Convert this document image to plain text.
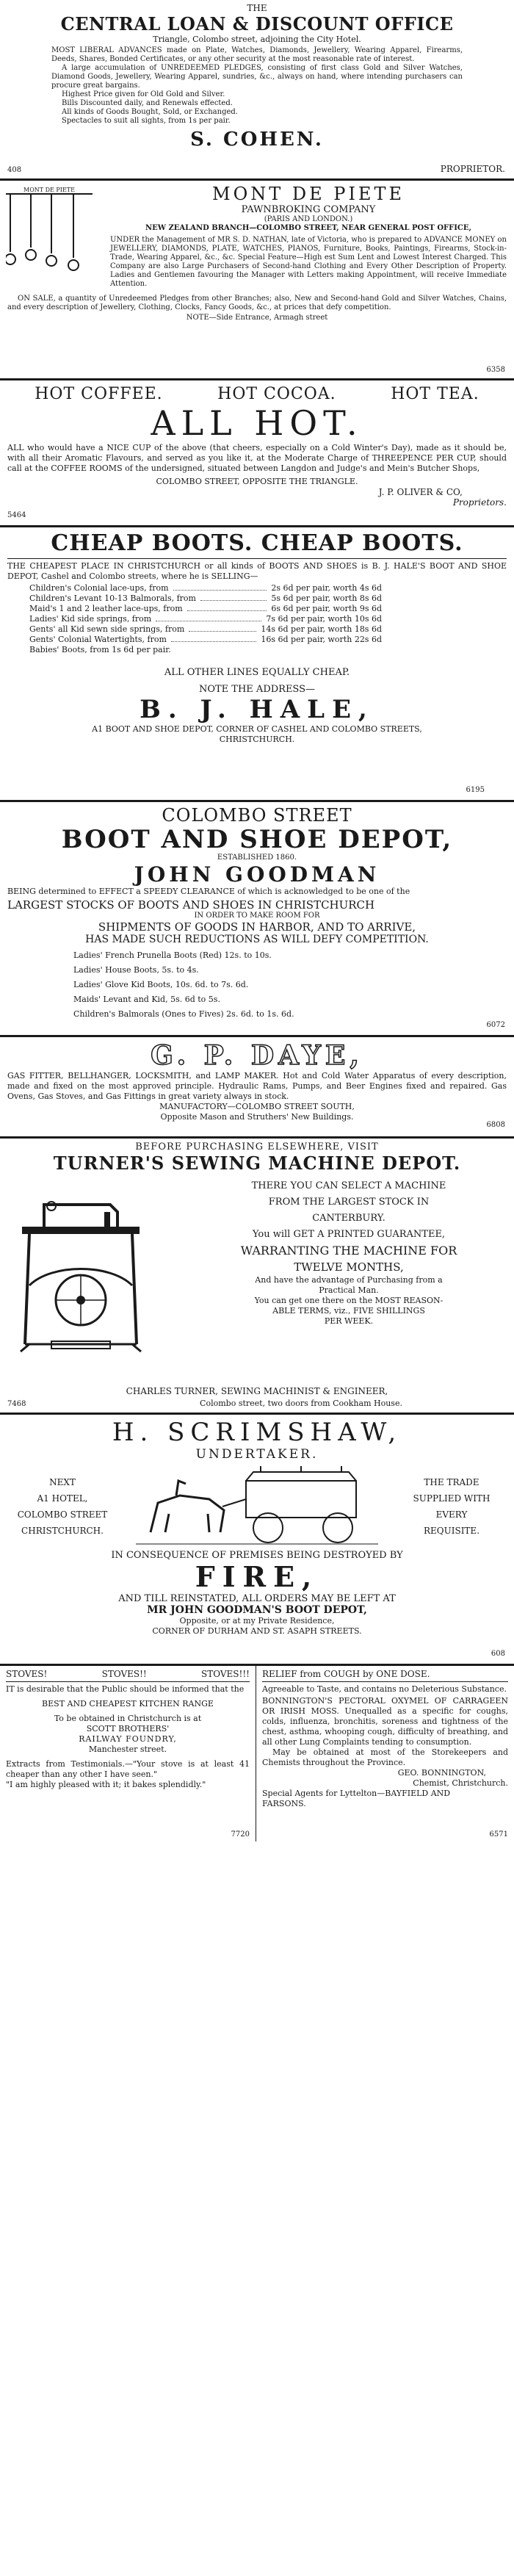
THE
CENTRAL LOAN & DISCOUNT OFFICE
Triangle, Colombo street, adjoining the City Hotel.

MOST LIBERAL ADVANCES made on Plate, Watches, Diamonds, Jewellery, Wearing Apparel, Firearms, Deeds, Shares, Bonded Certificates, or any other security at the most reasonable rate of interest.

A large accumulation of UNREDEEMED PLEDGES, consisting of first class Gold and Silver Watches, Diamond Goods, Jewellery, Wearing Apparel, sundries, &c., always on hand, where intending purchasers can procure great bargains.

Highest Price given for Old Gold and Silver.

Bills Discounted daily, and Renewals effected.

All kinds of Goods Bought, Sold, or Exchanged.

Spectacles to suit all sights, from 1s per pair.

S. COHEN.
408	PROPRIETOR.
MONT DE PIETE	MONT DE PIETE
PAWNBROKING COMPANY
(PARIS AND LONDON.)
NEW ZEALAND BRANCH—COLOMBO STREET, NEAR GENERAL POST OFFICE,

UNDER the Management of MR S. D. NATHAN, late of Victoria, who is prepared to ADVANCE MONEY on JEWELLERY, DIAMONDS, PLATE, WATCHES, PIANOS, Furniture, Books, Paintings, Firearms, Stock-in-Trade, Wearing Apparel, &c., &c. Special Feature—High est Sum Lent and Lowest Interest Charged. This Company are also Large Purchasers of Second-hand Clothing and Every Other Description of Property. Ladies and Gentlemen favouring the Manager with Letters making Appointment, will receive Immediate Attention.

ON SALE, a quantity of Unredeemed Pledges from other Branches; also, New and Second-hand Gold and Silver Watches, Chains, and every description of Jewellery, Clothing, Clocks, Fancy Goods, &c., at prices that defy competition.

NOTE—Side Entrance, Armagh street
6358
HOT COFFEE.	HOT COCOA.	HOT TEA.
ALL HOT.

ALL who would have a NICE CUP of the above (that cheers, especially on a Cold Winter's Day), made as it should be, with all their Aromatic Flavours, and served as you like it, at the Moderate Charge of THREEPENCE PER CUP, should call at the COFFEE ROOMS of the undersigned, situated between Langdon and Judge's and Mein's Butcher Shops,

COLOMBO STREET, OPPOSITE THE TRIANGLE.
J. P. OLIVER & CO,
Proprietors.
5464
CHEAP BOOTS. CHEAP BOOTS.

THE CHEAPEST PLACE IN CHRISTCHURCH or all kinds of BOOTS AND SHOES is B. J. HALE'S BOOT AND SHOE DEPOT, Cashel and Colombo streets, where he is SELLING—

Children's Colonial lace-ups, from	2s 6d per pair, worth 4s 6d
Children's Levant 10-13 Balmorals, from	5s 6d per pair, worth 8s 6d
Maid's 1 and 2 leather lace-ups, from	6s 6d per pair, worth 9s 6d
Ladies' Kid side springs, from	7s 6d per pair, worth 10s 6d
Gents' all Kid sewn side springs, from	14s 6d per pair, worth 18s 6d
Gents' Colonial Watertights, from	16s 6d per pair, worth 22s 6d
Babies' Boots, from 1s 6d per pair.
ALL OTHER LINES EQUALLY CHEAP.
NOTE THE ADDRESS—
B. J. HALE,
A1 BOOT AND SHOE DEPOT, CORNER OF CASHEL AND COLOMBO STREETS,
CHRISTCHURCH.
6195
COLOMBO STREET
BOOT AND SHOE DEPOT,
ESTABLISHED 1860.
JOHN GOODMAN

BEING determined to EFFECT a SPEEDY CLEARANCE of which is acknowledged to be one of the

LARGEST STOCKS OF BOOTS AND SHOES IN CHRISTCHURCH
IN ORDER TO MAKE ROOM FOR
SHIPMENTS OF GOODS IN HARBOR, AND TO ARRIVE,
HAS MADE SUCH REDUCTIONS AS WILL DEFY COMPETITION.
Ladies' French Prunella Boots (Red) 12s. to 10s.
Ladies' House Boots, 5s. to 4s.
Ladies' Glove Kid Boots, 10s. 6d. to 7s. 6d.
Maids' Levant and Kid, 5s. 6d to 5s.
Children's Balmorals (Ones to Fives) 2s. 6d. to 1s. 6d.
6072
G. P. DAYE,

GAS FITTER, BELLHANGER, LOCKSMITH, and LAMP MAKER. Hot and Cold Water Apparatus of every description, made and fixed on the most approved principle. Hydraulic Rams, Pumps, and Beer Engines fixed and repaired. Gas Ovens, Gas Stoves, and Gas Fittings in great variety always in stock.

MANUFACTORY—COLOMBO STREET SOUTH,
Opposite Mason and Struthers' New Buildings.
6808
BEFORE PURCHASING ELSEWHERE, VISIT
TURNER'S SEWING MACHINE DEPOT.
THERE YOU CAN SELECT A MACHINE
FROM THE LARGEST STOCK IN
CANTERBURY.
You will GET A PRINTED GUARANTEE,
WARRANTING THE MACHINE FOR
TWELVE MONTHS,
And have the advantage of Purchasing from a
Practical Man.
You can get one there on the MOST REASON-
ABLE TERMS, viz., FIVE SHILLINGS
PER WEEK.
CHARLES TURNER, SEWING MACHINIST & ENGINEER,
Colombo street, two doors from Cookham House.
7468
H. SCRIMSHAW,
UNDERTAKER.
NEXT
A1 HOTEL,
COLOMBO STREET
CHRISTCHURCH.
THE TRADE
SUPPLIED WITH
EVERY
REQUISITE.
IN CONSEQUENCE OF PREMISES BEING DESTROYED BY
FIRE,
AND TILL REINSTATED, ALL ORDERS MAY BE LEFT AT
MR JOHN GOODMAN'S BOOT DEPOT,
Opposite, or at my Private Residence,
CORNER OF DURHAM AND ST. ASAPH STREETS.
608
STOVES!	STOVES!!	STOVES!!!

IT is desirable that the Public should be informed that the

BEST AND CHEAPEST KITCHEN RANGE
To be obtained in Christchurch is at
SCOTT BROTHERS'
RAILWAY FOUNDRY,
Manchester street.

Extracts from Testimonials.—"Your stove is at least 41 cheaper than any other I have seen."

"I am highly pleased with it; it bakes splendidly."

7720
RELIEF from COUGH by ONE DOSE.

Agreeable to Taste, and contains no Deleterious Substance.

BONNINGTON'S PECTORAL OXYMEL OF CARRAGEEN OR IRISH MOSS. Unequalled as a specific for coughs, colds, influenza, bronchitis, soreness and tightness of the chest, asthma, whooping cough, difficulty of breathing, and all other Lung Complaints tending to consumption.

May be obtained at most of the Storekeepers and Chemists throughout the Province.

GEO. BONNINGTON,
Chemist, Christchurch.
Special Agents for Lyttelton—BAYFIELD AND FARSONS.
6571
